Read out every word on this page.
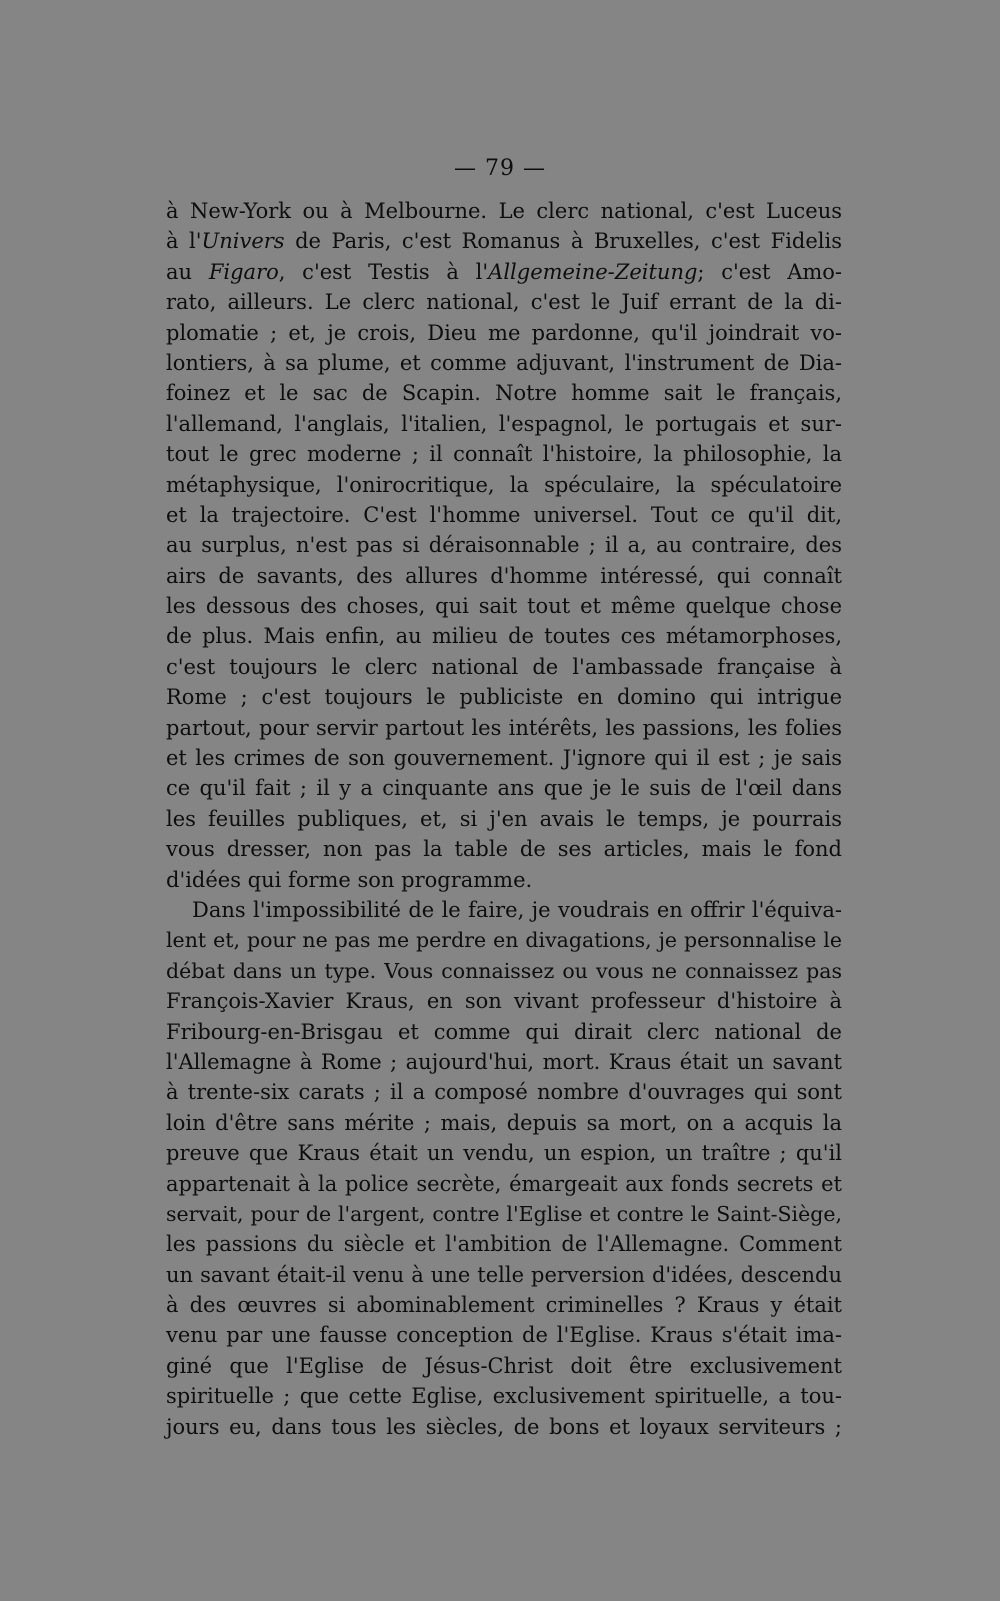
— 79 —
à New-York ou à Melbourne. Le clerc national, c'est Luceus
à l'Univers de Paris, c'est Romanus à Bruxelles, c'est Fidelis
au Figaro, c'est Testis à l'Allgemeine-Zeitung; c'est Amo-
rato, ailleurs. Le clerc national, c'est le Juif errant de la di-
plomatie ; et, je crois, Dieu me pardonne, qu'il joindrait vo-
lontiers, à sa plume, et comme adjuvant, l'instrument de Dia-
foinez et le sac de Scapin. Notre homme sait le français,
l'allemand, l'anglais, l'italien, l'espagnol, le portugais et sur-
tout le grec moderne ; il connaît l'histoire, la philosophie, la
métaphysique, l'onirocritique, la spéculaire, la spéculatoire
et la trajectoire. C'est l'homme universel. Tout ce qu'il dit,
au surplus, n'est pas si déraisonnable ; il a, au contraire, des
airs de savants, des allures d'homme intéressé, qui connaît
les dessous des choses, qui sait tout et même quelque chose
de plus. Mais enfin, au milieu de toutes ces métamorphoses,
c'est toujours le clerc national de l'ambassade française à
Rome ; c'est toujours le publiciste en domino qui intrigue
partout, pour servir partout les intérêts, les passions, les folies
et les crimes de son gouvernement. J'ignore qui il est ; je sais
ce qu'il fait ; il y a cinquante ans que je le suis de l'œil dans
les feuilles publiques, et, si j'en avais le temps, je pourrais
vous dresser, non pas la table de ses articles, mais le fond
d'idées qui forme son programme.
Dans l'impossibilité de le faire, je voudrais en offrir l'équiva-
lent et, pour ne pas me perdre en divagations, je personnalise le
débat dans un type. Vous connaissez ou vous ne connaissez pas
François-Xavier Kraus, en son vivant professeur d'histoire à
Fribourg-en-Brisgau et comme qui dirait clerc national de
l'Allemagne à Rome ; aujourd'hui, mort. Kraus était un savant
à trente-six carats ; il a composé nombre d'ouvrages qui sont
loin d'être sans mérite ; mais, depuis sa mort, on a acquis la
preuve que Kraus était un vendu, un espion, un traître ; qu'il
appartenait à la police secrète, émargeait aux fonds secrets et
servait, pour de l'argent, contre l'Eglise et contre le Saint-Siège,
les passions du siècle et l'ambition de l'Allemagne. Comment
un savant était-il venu à une telle perversion d'idées, descendu
à des œuvres si abominablement criminelles ? Kraus y était
venu par une fausse conception de l'Eglise. Kraus s'était ima-
giné que l'Eglise de Jésus-Christ doit être exclusivement
spirituelle ; que cette Eglise, exclusivement spirituelle, a tou-
jours eu, dans tous les siècles, de bons et loyaux serviteurs ;
